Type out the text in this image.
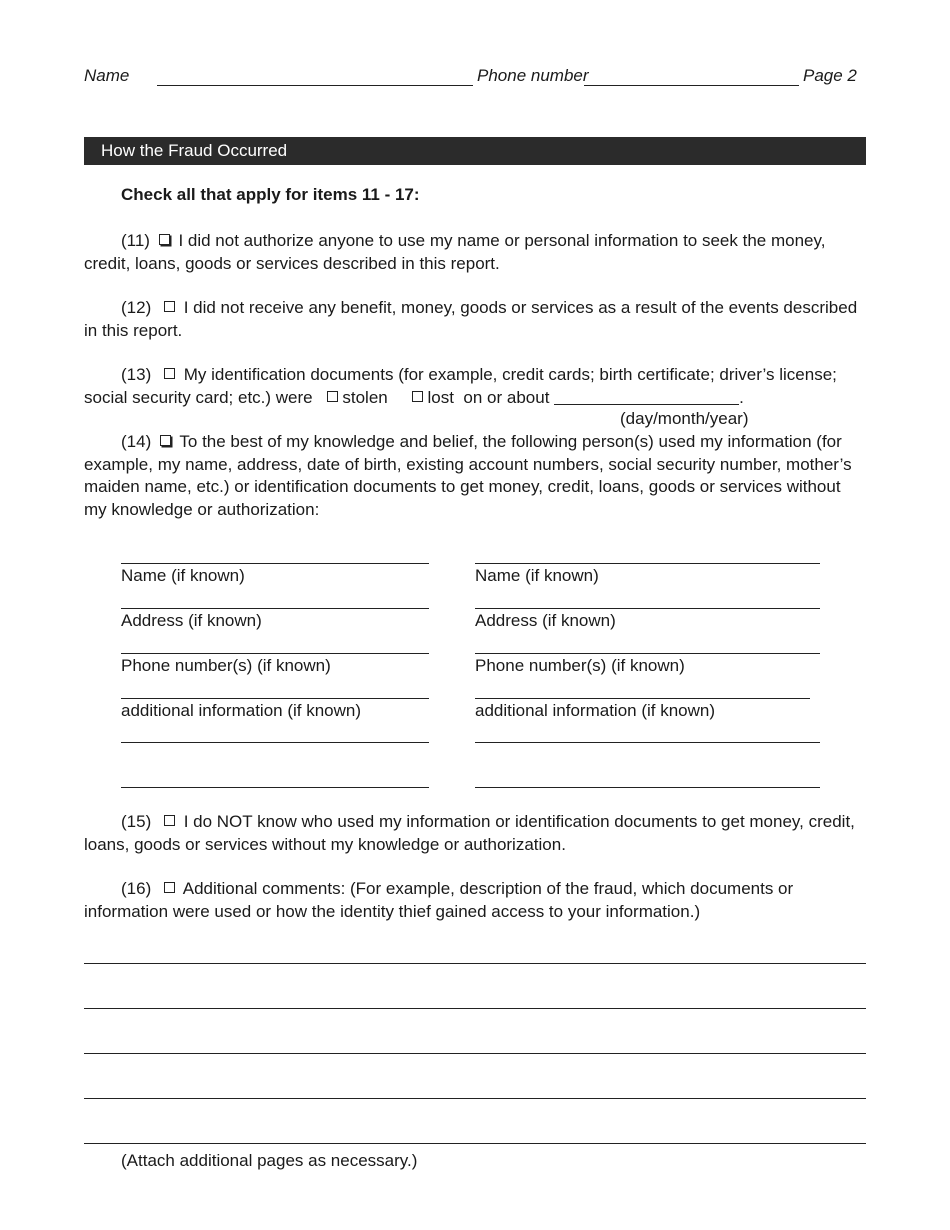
Name	Phone number	Page 2
How the Fraud Occurred
Check all that apply for items 11 - 17:

(11) I did not authorize anyone to use my name or personal information to seek the money, credit, loans, goods or services described in this report.

(12) I did not receive any benefit, money, goods or services as a result of the events described in this report.

(13) My identification documents (for example, credit cards; birth certificate; driver’s license; social security card; etc.) were stolen lost on or about	.

(day/month/year)

(14) To the best of my knowledge and belief, the following person(s) used my information (for example, my name, address, date of birth, existing account numbers, social security number, mother’s maiden name, etc.) or identification documents to get money, credit, loans, goods or services without my knowledge or authorization:

Name (if known)
Address (if known)
Phone number(s) (if known)
additional information (if known)
Name (if known)
Address (if known)
Phone number(s) (if known)
additional information (if known)

(15) I do NOT know who used my information or identification documents to get money, credit, loans, goods or services without my knowledge or authorization.

(16) Additional comments: (For example, description of the fraud, which documents or information were used or how the identity thief gained access to your information.)

(Attach additional pages as necessary.)
